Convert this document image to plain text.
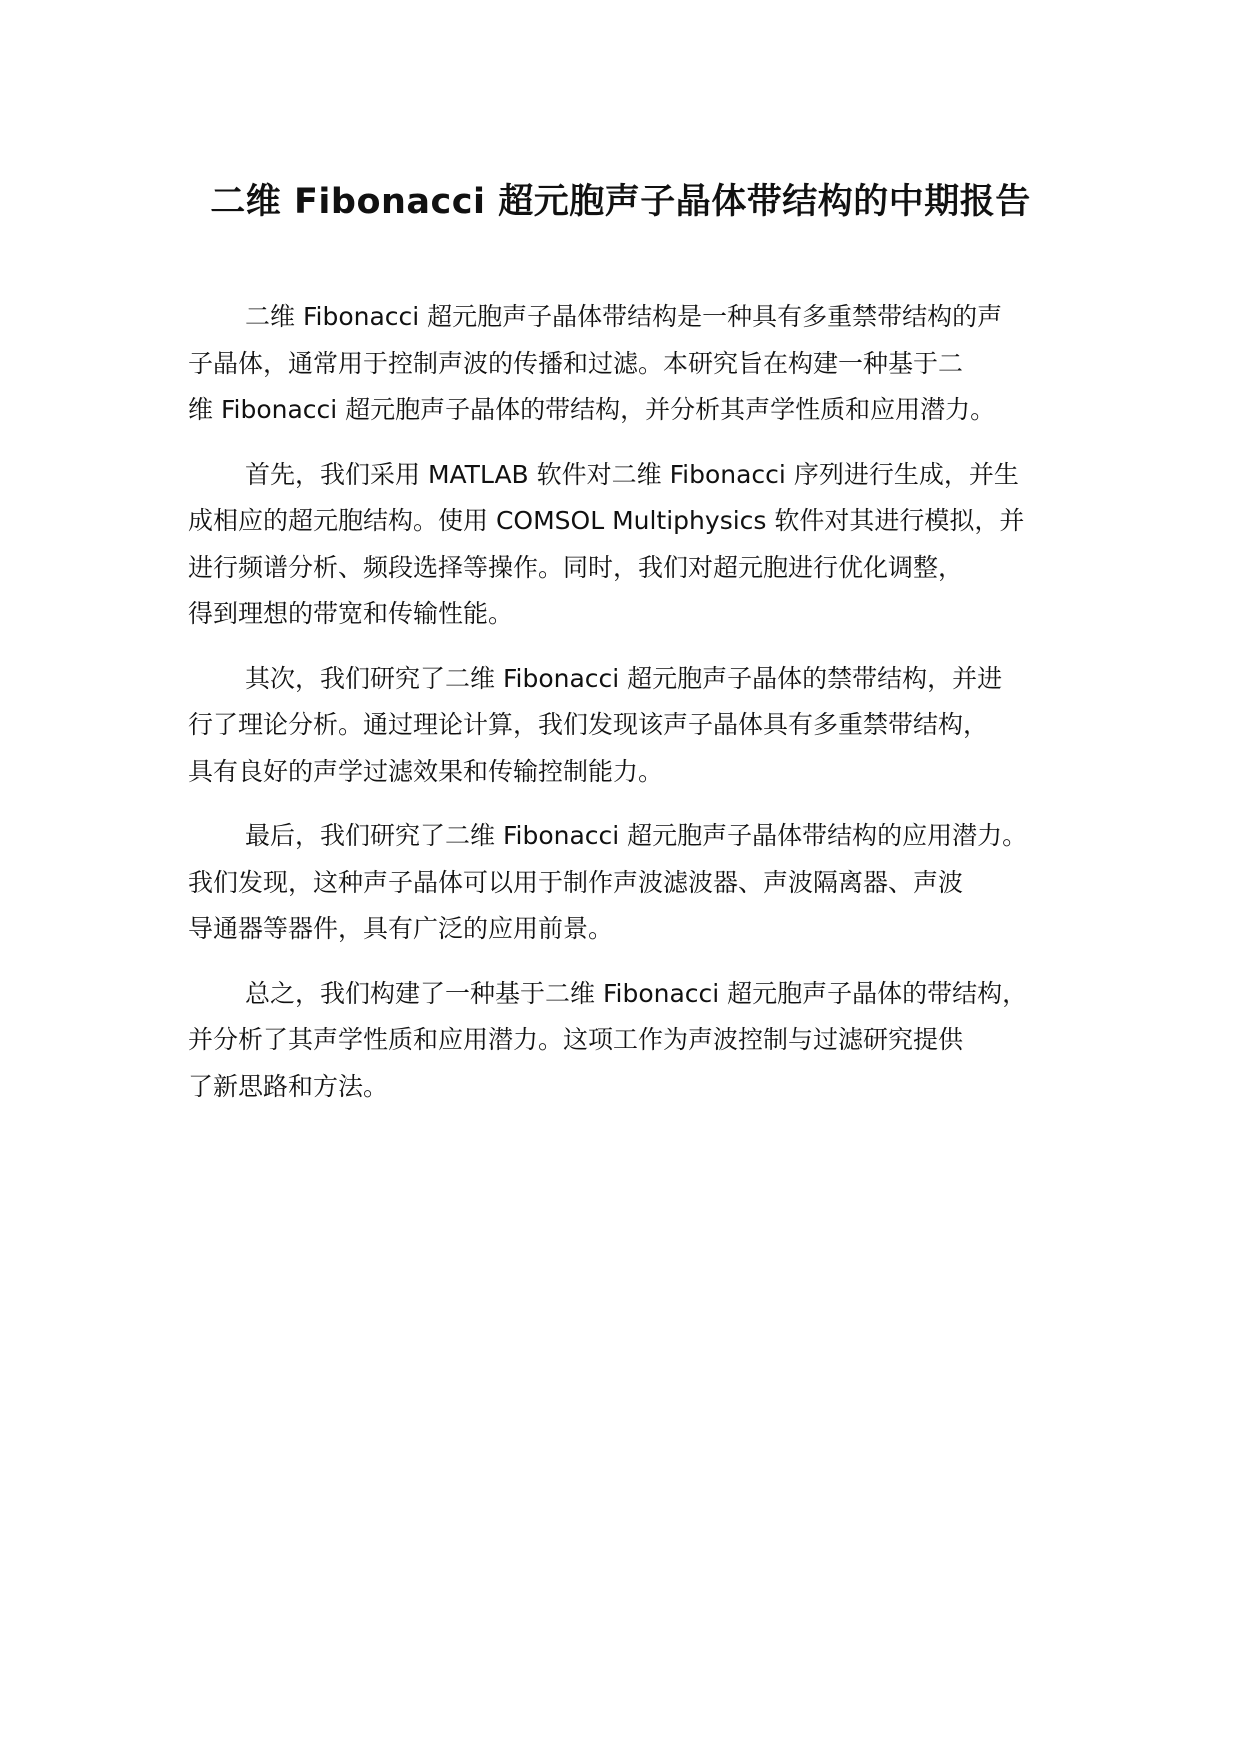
二维 Fibonacci 超元胞声子晶体带结构的中期报告

二维 Fibonacci 超元胞声子晶体带结构是一种具有多重禁带结构的声
子晶体，通常用于控制声波的传播和过滤。本研究旨在构建一种基于二
维 Fibonacci 超元胞声子晶体的带结构，并分析其声学性质和应用潜力。

首先，我们采用 MATLAB 软件对二维 Fibonacci 序列进行生成，并生
成相应的超元胞结构。使用 COMSOL Multiphysics 软件对其进行模拟，并
进行频谱分析、频段选择等操作。同时，我们对超元胞进行优化调整，
得到理想的带宽和传输性能。

其次，我们研究了二维 Fibonacci 超元胞声子晶体的禁带结构，并进
行了理论分析。通过理论计算，我们发现该声子晶体具有多重禁带结构，
具有良好的声学过滤效果和传输控制能力。

最后，我们研究了二维 Fibonacci 超元胞声子晶体带结构的应用潜力。
我们发现，这种声子晶体可以用于制作声波滤波器、声波隔离器、声波
导通器等器件，具有广泛的应用前景。

总之，我们构建了一种基于二维 Fibonacci 超元胞声子晶体的带结构，
并分析了其声学性质和应用潜力。这项工作为声波控制与过滤研究提供
了新思路和方法。
